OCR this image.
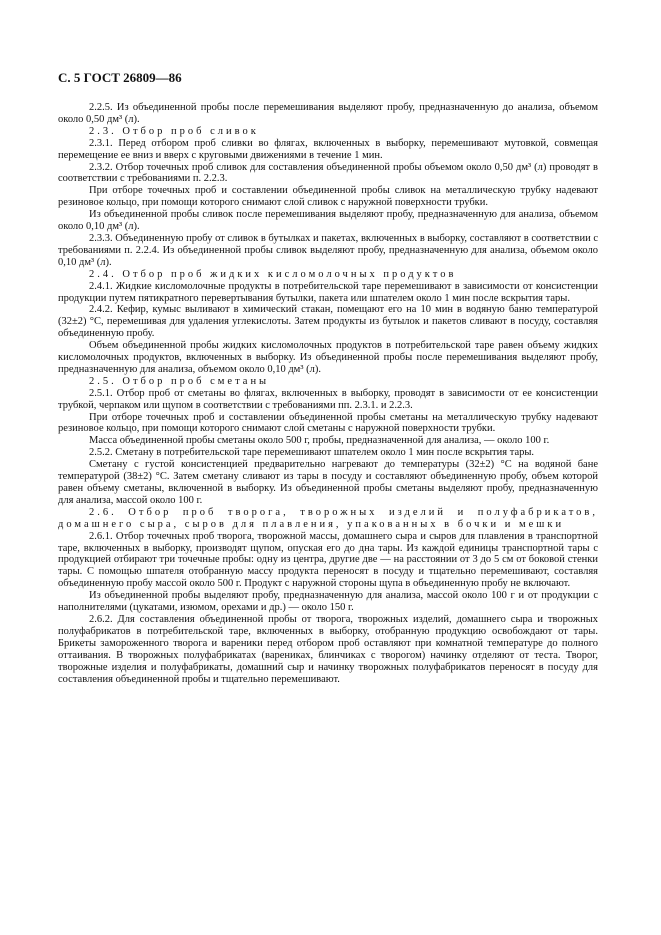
С. 5 ГОСТ 26809—86

2.2.5. Из объединенной пробы после перемешивания выделяют пробу, предназначенную до анализа, объемом около 0,50 дм³ (л).

2.3. Отбор проб сливок

2.3.1. Перед отбором проб сливки во флягах, включенных в выборку, перемешивают мутовкой, совмещая перемещение ее вниз и вверх с круговыми движениями в течение 1 мин.

2.3.2. Отбор точечных проб сливок для составления объединенной пробы объемом около 0,50 дм³ (л) проводят в соответствии с требованиями п. 2.2.3.

При отборе точечных проб и составлении объединенной пробы сливок на металлическую трубку надевают резиновое кольцо, при помощи которого снимают слой сливок с наружной поверхности трубки.

Из объединенной пробы сливок после перемешивания выделяют пробу, предназначенную для анализа, объемом около 0,10 дм³ (л).

2.3.3. Объединенную пробу от сливок в бутылках и пакетах, включенных в выборку, составляют в соответствии с требованиями п. 2.2.4. Из объединенной пробы сливок выделяют пробу, предназначенную для анализа, объемом около 0,10 дм³ (л).

2.4. Отбор проб жидких кисломолочных продуктов

2.4.1. Жидкие кисломолочные продукты в потребительской таре перемешивают в зависимости от консистенции продукции путем пятикратного перевертывания бутылки, пакета или шпателем около 1 мин после вскрытия тары.

2.4.2. Кефир, кумыс выливают в химический стакан, помещают его на 10 мин в водяную баню температурой (32±2) °С, перемешивая для удаления углекислоты. Затем продукты из бутылок и пакетов сливают в посуду, составляя объединенную пробу.

Объем объединенной пробы жидких кисломолочных продуктов в потребительской таре равен объему жидких кисломолочных продуктов, включенных в выборку. Из объединенной пробы после перемешивания выделяют пробу, предназначенную для анализа, объемом около 0,10 дм³ (л).

2.5. Отбор проб сметаны

2.5.1. Отбор проб от сметаны во флягах, включенных в выборку, проводят в зависимости от ее консистенции трубкой, черпаком или щупом в соответствии с требованиями пп. 2.3.1. и 2.2.3.

При отборе точечных проб и составлении объединенной пробы сметаны на металлическую трубку надевают резиновое кольцо, при помощи которого снимают слой сметаны с наружной поверхности трубки.

Масса объединенной пробы сметаны около 500 г, пробы, предназначенной для анализа, — около 100 г.

2.5.2. Сметану в потребительской таре перемешивают шпателем около 1 мин после вскрытия тары.

Сметану с густой консистенцией предварительно нагревают до температуры (32±2) °С на водяной бане температурой (38±2) °С. Затем сметану сливают из тары в посуду и составляют объединенную пробу, объем которой равен объему сметаны, включенной в выборку. Из объединенной пробы сметаны выделяют пробу, предназначенную для анализа, массой около 100 г.

2.6. Отбор проб творога, творожных изделий и полуфабрикатов, домашнего сыра, сыров для плавления, упакованных в бочки и мешки

2.6.1. Отбор точечных проб творога, творожной массы, домашнего сыра и сыров для плавления в транспортной таре, включенных в выборку, производят щупом, опуская его до дна тары. Из каждой единицы транспортной тары с продукцией отбирают три точечные пробы: одну из центра, другие две — на расстоянии от 3 до 5 см от боковой стенки тары. С помощью шпателя отобранную массу продукта переносят в посуду и тщательно перемешивают, составляя объединенную пробу массой около 500 г. Продукт с наружной стороны щупа в объединенную пробу не включают.

Из объединенной пробы выделяют пробу, предназначенную для анализа, массой около 100 г и от продукции с наполнителями (цукатами, изюмом, орехами и др.) — около 150 г.

2.6.2. Для составления объединенной пробы от творога, творожных изделий, домашнего сыра и творожных полуфабрикатов в потребительской таре, включенных в выборку, отобранную продукцию освобождают от тары. Брикеты замороженного творога и вареники перед отбором проб оставляют при комнатной температуре до полного оттаивания. В творожных полуфабрикатах (варениках, блинчиках с творогом) начинку отделяют от теста. Творог, творожные изделия и полуфабрикаты, домашний сыр и начинку творожных полуфабрикатов переносят в посуду для составления объединенной пробы и тщательно перемешивают.
